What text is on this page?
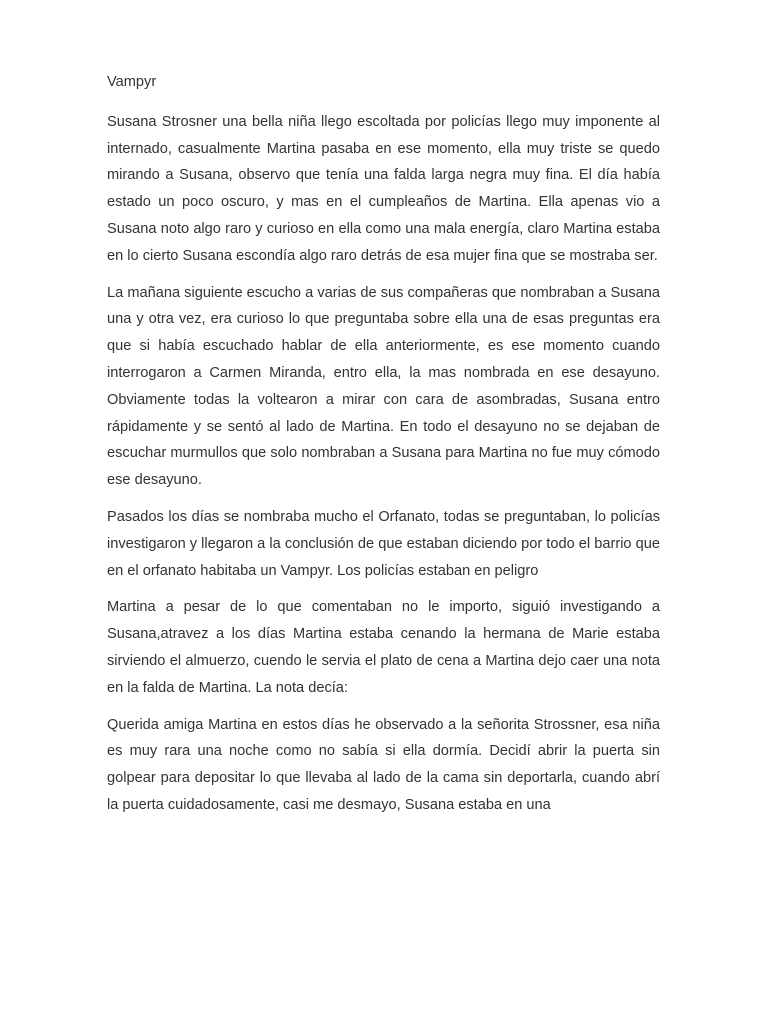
Vampyr

Susana Strosner una bella niña llego escoltada por policías llego muy imponente al internado, casualmente Martina pasaba en ese momento, ella muy triste se quedo mirando a Susana, observo que tenía una falda larga negra muy fina. El día había estado un poco oscuro, y mas en el cumpleaños de Martina. Ella apenas vio a Susana noto algo raro y curioso en ella como una mala energía, claro Martina estaba en lo cierto Susana escondía algo raro detrás de esa mujer fina que se mostraba ser.

La mañana siguiente escucho a varias de sus compañeras que nombraban a Susana una y otra vez, era curioso lo que preguntaba sobre ella una de esas preguntas era que si había escuchado hablar de ella anteriormente, es ese momento cuando interrogaron a Carmen Miranda, entro ella, la mas nombrada en ese desayuno. Obviamente todas la voltearon a mirar con cara de asombradas, Susana entro rápidamente y se sentó al lado de Martina. En todo el desayuno no se dejaban de escuchar murmullos que solo nombraban a Susana para Martina no fue muy cómodo ese desayuno.

Pasados los días se nombraba mucho el Orfanato, todas se preguntaban, lo policías investigaron y llegaron a la conclusión de que estaban diciendo por todo el barrio que en el orfanato habitaba un Vampyr. Los policías estaban en peligro

Martina a pesar de lo que comentaban no le importo, siguió investigando a Susana,atravez a los días Martina estaba cenando la hermana de Marie estaba sirviendo el almuerzo, cuendo le servia el plato de cena a Martina dejo caer una nota en la falda de Martina. La nota decía:

Querida amiga Martina en estos días he observado a la señorita Strossner, esa niña es muy rara una noche como no sabía si ella dormía. Decidí abrir la puerta sin golpear para depositar lo que llevaba al lado de la cama sin deportarla, cuando abrí la puerta cuidadosamente, casi me desmayo, Susana estaba en una
